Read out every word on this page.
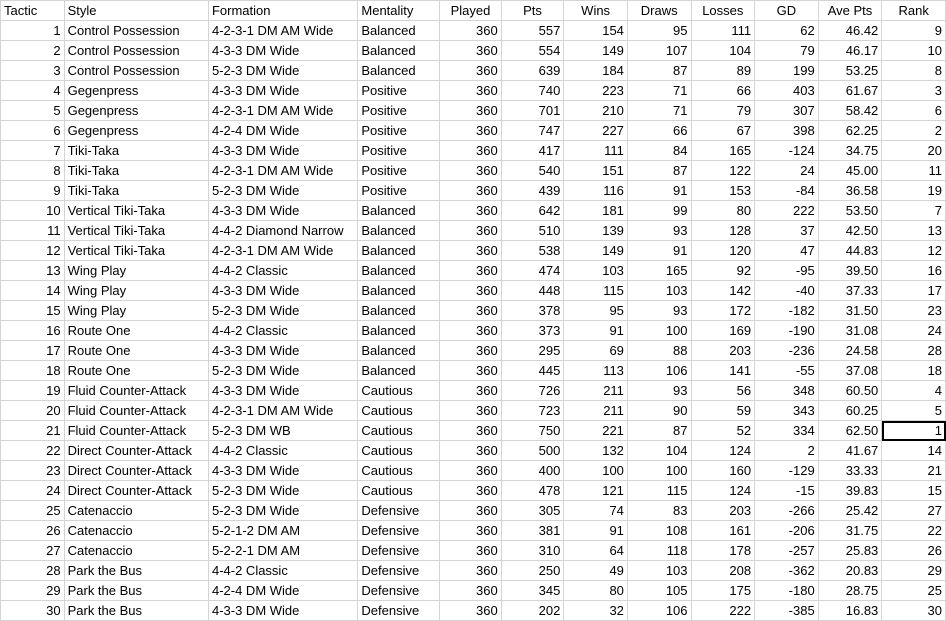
Tactic	Style	Formation	Mentality	Played	Pts	Wins	Draws	Losses	GD	Ave Pts	Rank
1	Control Possession	4-2-3-1 DM AM Wide	Balanced	360	557	154	95	111	62	46.42	9
2	Control Possession	4-3-3 DM Wide	Balanced	360	554	149	107	104	79	46.17	10
3	Control Possession	5-2-3 DM Wide	Balanced	360	639	184	87	89	199	53.25	8
4	Gegenpress	4-3-3 DM Wide	Positive	360	740	223	71	66	403	61.67	3
5	Gegenpress	4-2-3-1 DM AM Wide	Positive	360	701	210	71	79	307	58.42	6
6	Gegenpress	4-2-4 DM Wide	Positive	360	747	227	66	67	398	62.25	2
7	Tiki-Taka	4-3-3 DM Wide	Positive	360	417	111	84	165	-124	34.75	20
8	Tiki-Taka	4-2-3-1 DM AM Wide	Positive	360	540	151	87	122	24	45.00	11
9	Tiki-Taka	5-2-3 DM Wide	Positive	360	439	116	91	153	-84	36.58	19
10	Vertical Tiki-Taka	4-3-3 DM Wide	Balanced	360	642	181	99	80	222	53.50	7
11	Vertical Tiki-Taka	4-4-2 Diamond Narrow	Balanced	360	510	139	93	128	37	42.50	13
12	Vertical Tiki-Taka	4-2-3-1 DM AM Wide	Balanced	360	538	149	91	120	47	44.83	12
13	Wing Play	4-4-2 Classic	Balanced	360	474	103	165	92	-95	39.50	16
14	Wing Play	4-3-3 DM Wide	Balanced	360	448	115	103	142	-40	37.33	17
15	Wing Play	5-2-3 DM Wide	Balanced	360	378	95	93	172	-182	31.50	23
16	Route One	4-4-2 Classic	Balanced	360	373	91	100	169	-190	31.08	24
17	Route One	4-3-3 DM Wide	Balanced	360	295	69	88	203	-236	24.58	28
18	Route One	5-2-3 DM Wide	Balanced	360	445	113	106	141	-55	37.08	18
19	Fluid Counter-Attack	4-3-3 DM Wide	Cautious	360	726	211	93	56	348	60.50	4
20	Fluid Counter-Attack	4-2-3-1 DM AM Wide	Cautious	360	723	211	90	59	343	60.25	5
21	Fluid Counter-Attack	5-2-3 DM WB	Cautious	360	750	221	87	52	334	62.50	1
22	Direct Counter-Attack	4-4-2 Classic	Cautious	360	500	132	104	124	2	41.67	14
23	Direct Counter-Attack	4-3-3 DM Wide	Cautious	360	400	100	100	160	-129	33.33	21
24	Direct Counter-Attack	5-2-3 DM Wide	Cautious	360	478	121	115	124	-15	39.83	15
25	Catenaccio	5-2-3 DM Wide	Defensive	360	305	74	83	203	-266	25.42	27
26	Catenaccio	5-2-1-2 DM AM	Defensive	360	381	91	108	161	-206	31.75	22
27	Catenaccio	5-2-2-1 DM AM	Defensive	360	310	64	118	178	-257	25.83	26
28	Park the Bus	4-4-2 Classic	Defensive	360	250	49	103	208	-362	20.83	29
29	Park the Bus	4-2-4 DM Wide	Defensive	360	345	80	105	175	-180	28.75	25
30	Park the Bus	4-3-3 DM Wide	Defensive	360	202	32	106	222	-385	16.83	30
